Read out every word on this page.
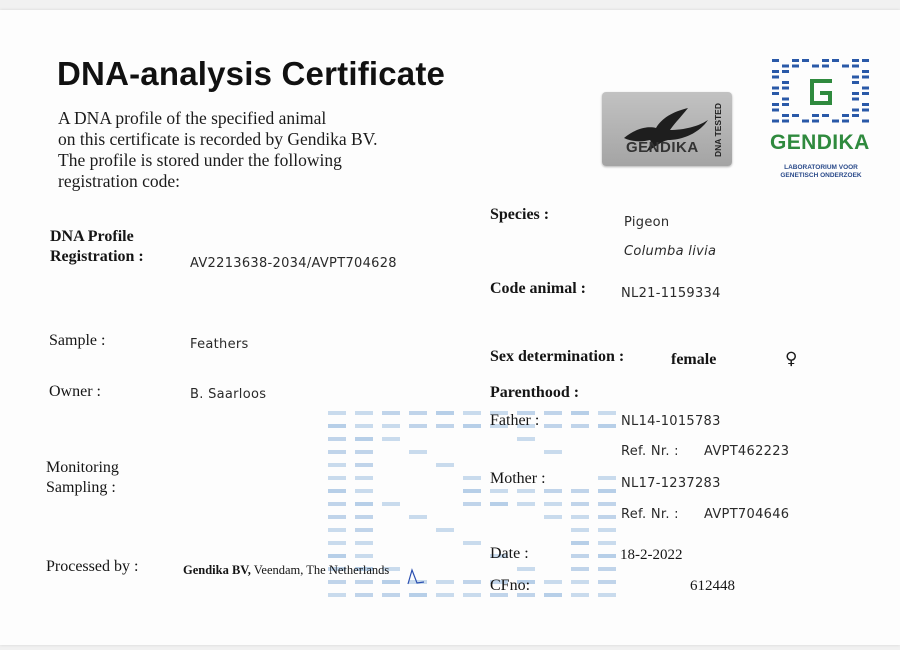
DNA-analysis Certificate
A DNA profile of the specified animal
on this certificate is recorded by Gendika BV.
The profile is stored under the following
registration code:
GENDIKA DNA TESTED GENDIKA
LABORATORIUM VOOR
GENETISCH ONDERZOEK
DNA Profile
Registration :	AV2213638-2034/AVPT704628
Sample :	Feathers
Owner :	B. Saarloos
Monitoring
Sampling :
Processed by :	Gendika BV, Veendam, The Netherlands
Species :	Pigeon
Columba livia
Code animal :	NL21-1159334
Sex determination :	female	♀
Parenthood :
Father :	NL14-1015783
Ref. Nr. : AVPT462223
Mother :	NL17-1237283
Ref. Nr. : AVPT704646
Date :	18-2-2022
CFno:	612448
